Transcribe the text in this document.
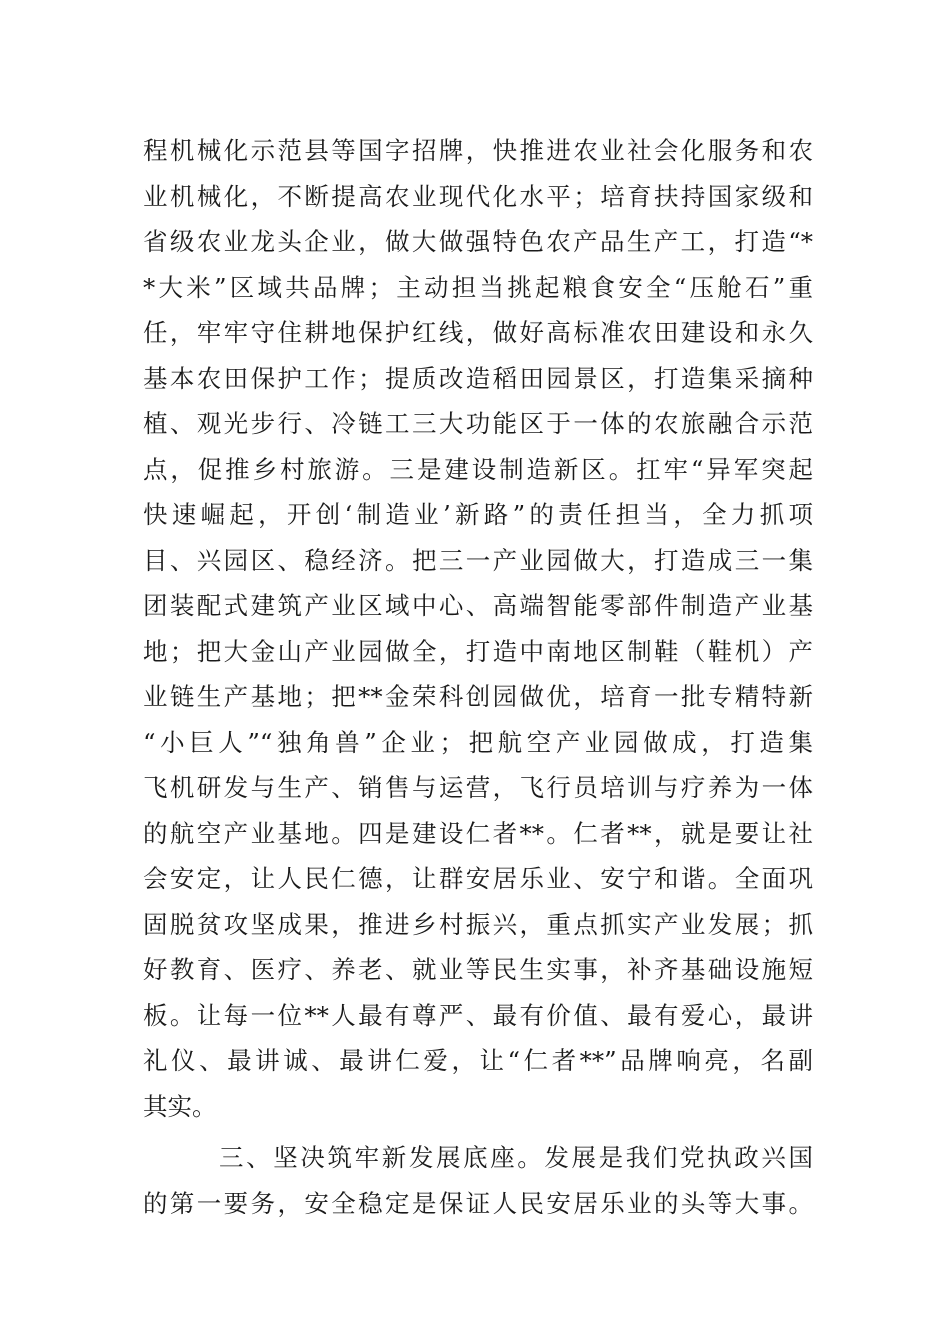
程机械化示范县等国字招牌，快推进农业社会化服务和农
业机械化，不断提高农业现代化水平；培育扶持国家级和
省级农业龙头企业，做大做强特色农产品生产工，打造“*
*大米”区域共品牌；主动担当挑起粮食安全“压舱石”重
任，牢牢守住耕地保护红线，做好高标准农田建设和永久
基本农田保护工作；提质改造稻田园景区，打造集采摘种
植、观光步行、冷链工三大功能区于一体的农旅融合示范
点，促推乡村旅游。三是建设制造新区。扛牢“异军突起
快速崛起，开创‘制造业’新路”的责任担当，全力抓项
目、兴园区、稳经济。把三一产业园做大，打造成三一集
团装配式建筑产业区域中心、高端智能零部件制造产业基
地；把大金山产业园做全，打造中南地区制鞋（鞋机）产
业链生产基地；把**金荣科创园做优，培育一批专精特新
“小巨人”“独角兽”企业；把航空产业园做成，打造集
飞机研发与生产、销售与运营，飞行员培训与疗养为一体
的航空产业基地。四是建设仁者**。仁者**，就是要让社
会安定，让人民仁德，让群安居乐业、安宁和谐。全面巩
固脱贫攻坚成果，推进乡村振兴，重点抓实产业发展；抓
好教育、医疗、养老、就业等民生实事，补齐基础设施短
板。让每一位**人最有尊严、最有价值、最有爱心，最讲
礼仪、最讲诚、最讲仁爱，让“仁者**”品牌响亮，名副
其实。
三、坚决筑牢新发展底座。发展是我们党执政兴国
的第一要务，安全稳定是保证人民安居乐业的头等大事。
